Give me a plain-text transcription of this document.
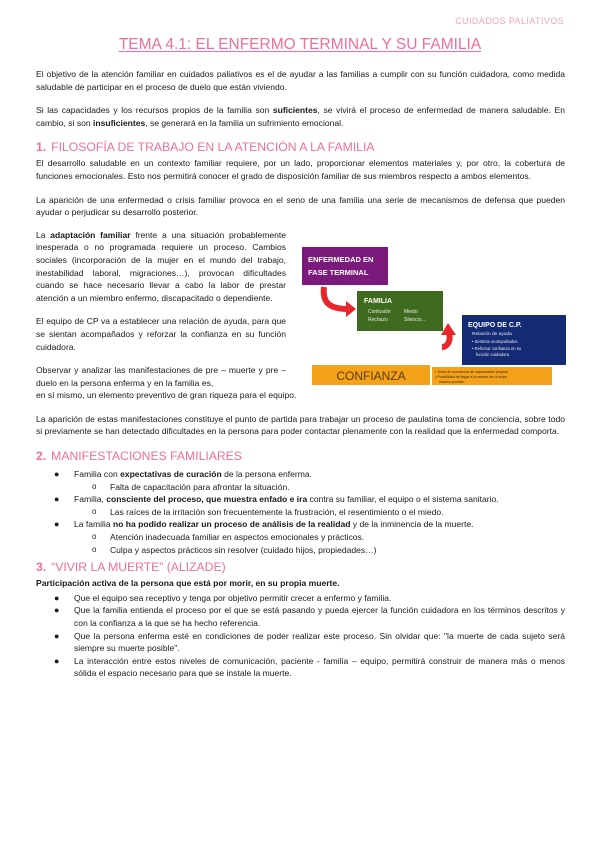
CUIDADOS PALIATIVOS
TEMA 4.1: EL ENFERMO TERMINAL Y SU FAMILIA

El objetivo de la atención familiar en cuidados paliativos es el de ayudar a las familias a cumplir con su función cuidadora, como medida saludable de participar en el proceso de duelo que están viviendo.

Si las capacidades y los recursos propios de la familia son suficientes, se vivirá el proceso de enfermedad de manera saludable. En cambio, si son insuficientes, se generará en la familia un sufrimiento emocional.

1. FILOSOFÍA DE TRABAJO EN LA ATENCIÓN A LA FAMILIA

El desarrollo saludable en un contexto familiar requiere, por un lado, proporcionar elementos materiales y, por otro, la cobertura de funciones emocionales. Esto nos permitirá conocer el grado de disposición familiar de sus miembros respecto a ambos elementos.

La aparición de una enfermedad o crisis familiar provoca en el seno de una familia una serie de mecanismos de defensa que pueden ayudar o perjudicar su desarrollo posterior.

La adaptación familiar frente a una situación probablemente inesperada o no programada requiere un proceso. Cambios sociales (incorporación de la mujer en el mundo del trabajo, inestabilidad laboral, migraciones…), provocan dificultades cuando se hace necesario llevar a cabo la labor de prestar atención a un miembro enfermo, discapacitado o dependiente.

El equipo de CP va a establecer una relación de ayuda, para que se sientan acompañados y reforzar la confianza en su función cuidadora.

Observar y analizar las manifestaciones de pre – muerte y pre – duelo en la persona enferma y en la familia es,

ENFERMEDAD EN
FASE TERMINAL
FAMILIA
Confusión
Rechazo
Miedo
Silencio…
EQUIPO DE C.P.
Relación de ayuda
• Sentirse acompañados
• Reforzar confianza en su
función cuidadora
CONFIANZA	• Toma de conciencia de capacidades propias.
• Posibilidad de llegar a la muerte de la mejor
manera posible.

en sí mismo, un elemento preventivo de gran riqueza para el equipo.

La aparición de estas manifestaciones constituye el punto de partida para trabajar un proceso de paulatina toma de conciencia, sobre todo si previamente se han detectado dificultades en la persona para poder contactar plenamente con la realidad que la enfermedad comporta.

2. MANIFESTACIONES FAMILIARES
● Familia con expectativas de curación de la persona enferma.
o Falta de capacitación para afrontar la situación.
● Familia, consciente del proceso, que muestra enfado e ira contra su familiar, el equipo o el sistema sanitario.
o Las raíces de la irritación son frecuentemente la frustración, el resentimiento o el miedo.
● La familia no ha podido realizar un proceso de análisis de la realidad y de la inminencia de la muerte.
o Atención inadecuada familiar en aspectos emocionales y prácticos.
o Culpa y aspectos prácticos sin resolver (cuidado hijos, propiedades…)
3. “VIVIR LA MUERTE” (ALIZADE)

Participación activa de la persona que está por morir, en su propia muerte.

● Que el equipo sea receptivo y tenga por objetivo permitir crecer a enfermo y familia.
● Que la familia entienda el proceso por el que se está pasando y pueda ejercer la función cuidadora en los términos descritos y con la confianza a la que se ha hecho referencia.
● Que la persona enferma esté en condiciones de poder realizar este proceso. Sin olvidar que: "la muerte de cada sujeto será siempre su muerte posible".
● La interacción entre estos niveles de comunicación, paciente - familia – equipo, permitirá construir de manera más o menos sólida el espacio necesario para que se instale la muerte.
